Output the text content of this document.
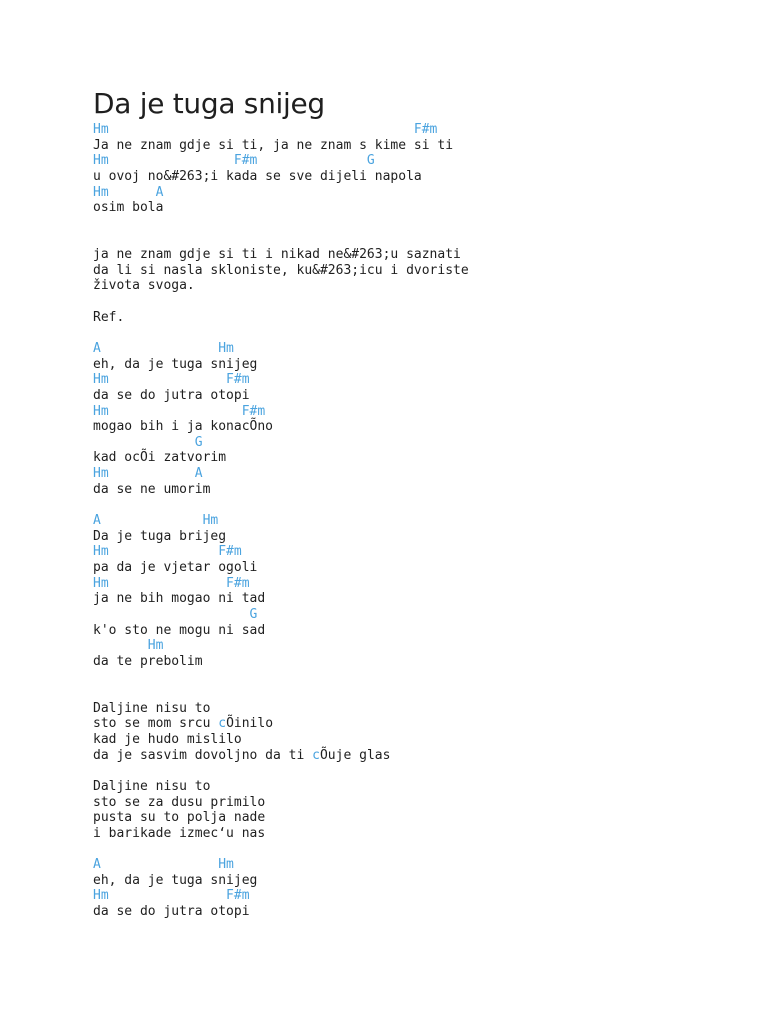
Da je tuga snijeg
Hm                                       F#m
Ja ne znam gdje si ti, ja ne znam s kime si ti
Hm                F#m              G
u ovoj no&#263;i kada se sve dijeli napola
Hm      A
osim bola
ja ne znam gdje si ti i nikad ne&#263;u saznati
da li si nasla skloniste, ku&#263;icu i dvoriste
života svoga.
Ref.
A               Hm
eh, da je tuga snijeg
Hm               F#m
da se do jutra otopi
Hm                 F#m
mogao bih i ja konacÕno
G
kad ocÕi zatvorim
Hm           A
da se ne umorim
A             Hm
Da je tuga brijeg
Hm              F#m
pa da je vjetar ogoli
Hm               F#m
ja ne bih mogao ni tad
G
k'o sto ne mogu ni sad
Hm
da te prebolim
Daljine nisu to
sto se mom srcu cÕinilo
kad je hudo mislilo
da je sasvim dovoljno da ti cÕuje glas
Daljine nisu to
sto se za dusu primilo
pusta su to polja nade
i barikade izmec‘u nas
A               Hm
eh, da je tuga snijeg
Hm               F#m
da se do jutra otopi
